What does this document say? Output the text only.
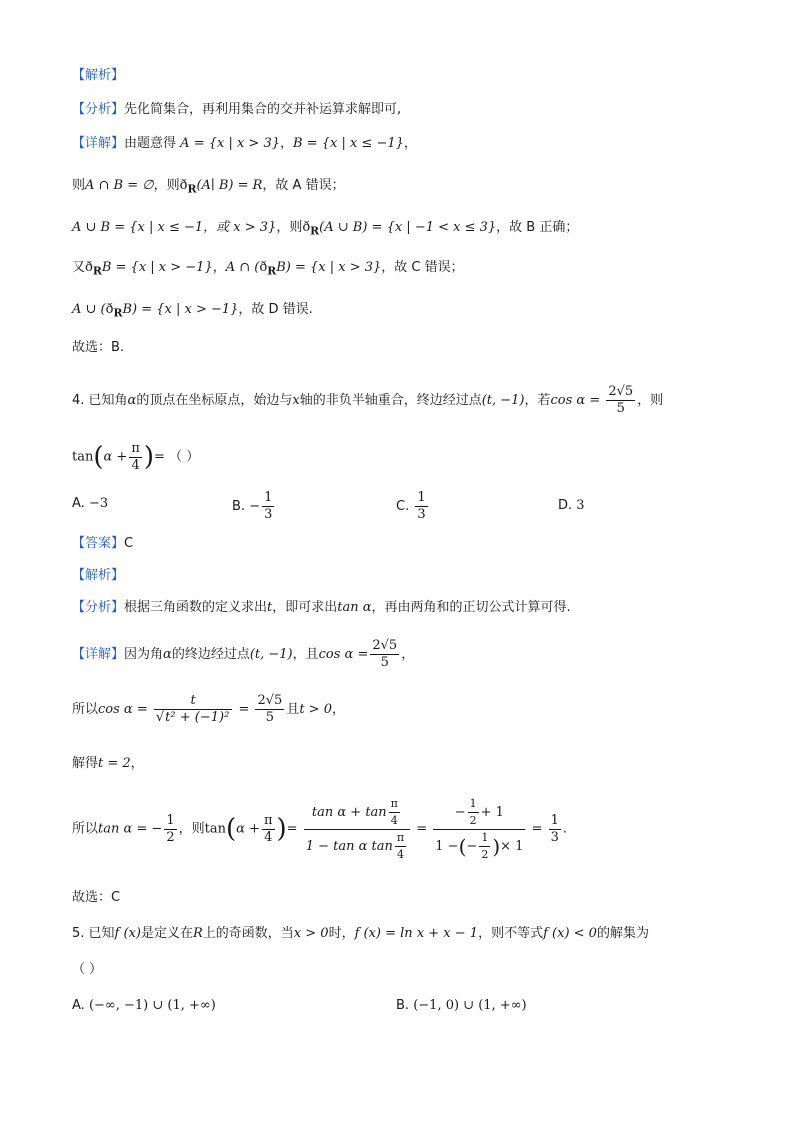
【解析】
【分析】先化简集合，再利用集合的交并补运算求解即可,
【详解】由题意得 A = {x | x > 3}，B = {x | x ≤ −1}，
则A ∩ B = ∅，则$ð_R(A∣$ B) = R，故 A 错误；
A ∪ B = {x | x ≤ −1，或 x > 3}，则$ð_R(A$ ∪ B) = {x | −1 < x ≤ 3}，故 B 正确；
又$ð_RB = \{x$ | x > −1}，A ∩ $(ð_RB) = \{x$ | x > 3}，故 C 错误；
A ∪ $(ð_RB) = \{x$ | x > −1}，故 D 错误.
故选：B.
4. 已知角α的顶点在坐标原点，始边与x轴的非负半轴重合，终边经过点(t, −1)，若$\cos \alpha = \frac{2√5}{5}$ ，则
$\tan(\alpha + \frac{\pi}{4}$ )= （ ）
A. −3	B. − $\frac{1}{3}$	C. $\frac{1}{3}$	D. 3
【答案】C
【解析】
【分析】根据三角函数的定义求出t，即可求出tan α，再由两角和的正切公式计算可得.
【详解】因为角α的终边经过点(t, −1)，且$\cos \alpha = \frac{2√5}{5}$ ，
所以$\cos \alpha = \frac{t}{\text{√t² + (−1)²}} = \frac{2√5}{5}$ 且t > 0，
解得t = 2，
所以tan α = − $\frac{1}{2}$ ，则$\tan(\alpha + \frac{\pi}{4}$ )= $\frac{\tan \alpha + \tan \frac{\pi}{4}}{1 - \tan \alpha \tan \frac{\pi}{4}} = \frac{- \frac{1}{2} + 1}{1 -(- \frac{1}{2} )\times 1} = \frac{1}{3}$ .
故选：C
5. 已知f (x)是定义在R上的奇函数，当x > 0时，f (x) = ln x + x − 1，则不等式f (x) < 0的解集为
（ ）
A. (−∞, −1) ∪ (1, +∞)	B. (−1, 0) ∪ (1, +∞)
